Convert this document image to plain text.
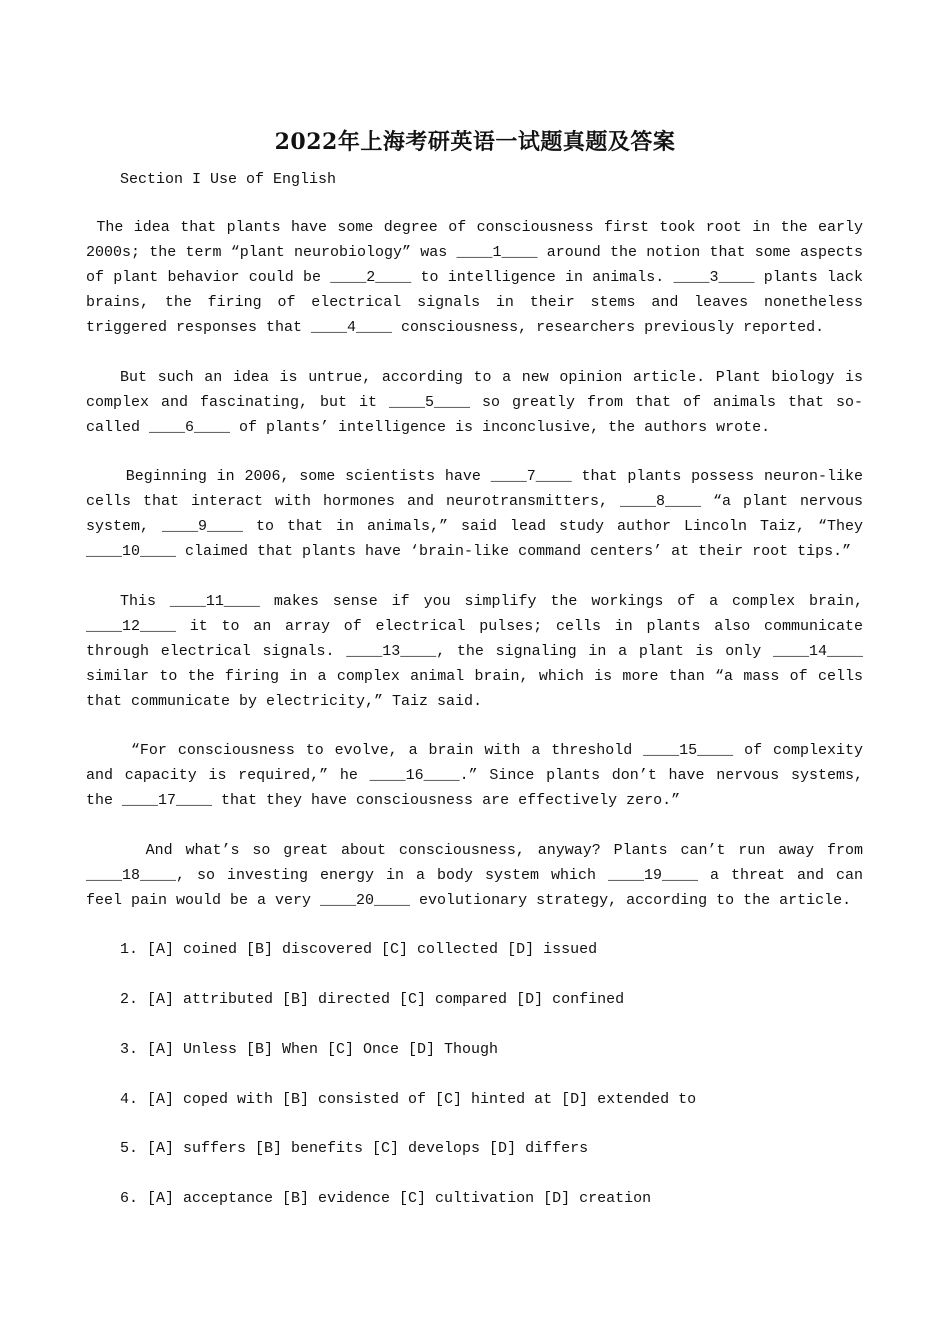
2022年上海考研英语一试题真题及答案

Section I Use of English

The idea that plants have some degree of consciousness first took root in the early 2000s; the term “plant neurobiology” was ____1____ around the notion that some aspects of plant behavior could be ____2____ to intelligence in animals. ____3____ plants lack brains, the firing of electrical signals in their stems and leaves nonetheless triggered responses that ____4____ consciousness, researchers previously reported.

But such an idea is untrue, according to a new opinion article. Plant biology is complex and fascinating, but it ____5____ so greatly from that of animals that so-called ____6____ of plants’ intelligence is inconclusive, the authors wrote.

Beginning in 2006, some scientists have ____7____ that plants possess neuron-like cells that interact with hormones and neurotransmitters, ____8____ “a plant nervous system, ____9____ to that in animals,” said lead study author Lincoln Taiz, “They ____10____ claimed that plants have ‘brain-like command centers’ at their root tips.”

This ____11____ makes sense if you simplify the workings of a complex brain, ____12____ it to an array of electrical pulses; cells in plants also communicate through electrical signals. ____13____, the signaling in a plant is only ____14____ similar to the firing in a complex animal brain, which is more than “a mass of cells that communicate by electricity,” Taiz said.

“For consciousness to evolve, a brain with a threshold ____15____ of complexity and capacity is required,” he ____16____.” Since plants don’t have nervous systems, the ____17____ that they have consciousness are effectively zero.”

And what’s so great about consciousness, anyway? Plants can’t run away from ____18____, so investing energy in a body system which ____19____ a threat and can feel pain would be a very ____20____ evolutionary strategy, according to the article.

1. [A] coined [B] discovered [C] collected [D] issued

2. [A] attributed [B] directed [C] compared [D] confined

3. [A] Unless [B] When [C] Once [D] Though

4. [A] coped with [B] consisted of [C] hinted at [D] extended to

5. [A] suffers [B] benefits [C] develops [D] differs

6. [A] acceptance [B] evidence [C] cultivation [D] creation
